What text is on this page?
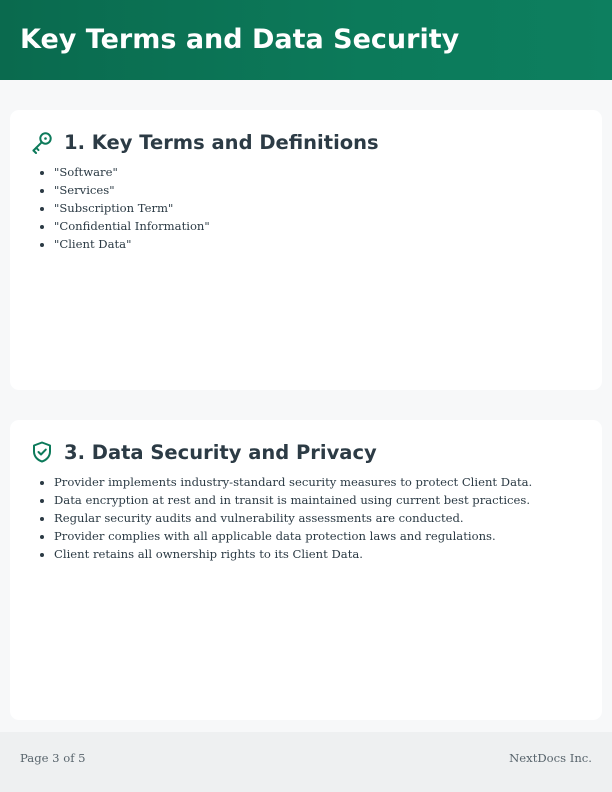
Key Terms and Data Security
1. Key Terms and Definitions
• "Software"
• "Services"
• "Subscription Term"
• "Confidential Information"
• "Client Data"
3. Data Security and Privacy
• Provider implements industry-standard security measures to protect Client Data.
• Data encryption at rest and in transit is maintained using current best practices.
• Regular security audits and vulnerability assessments are conducted.
• Provider complies with all applicable data protection laws and regulations.
• Client retains all ownership rights to its Client Data.
Page 3 of 5	NextDocs Inc.
